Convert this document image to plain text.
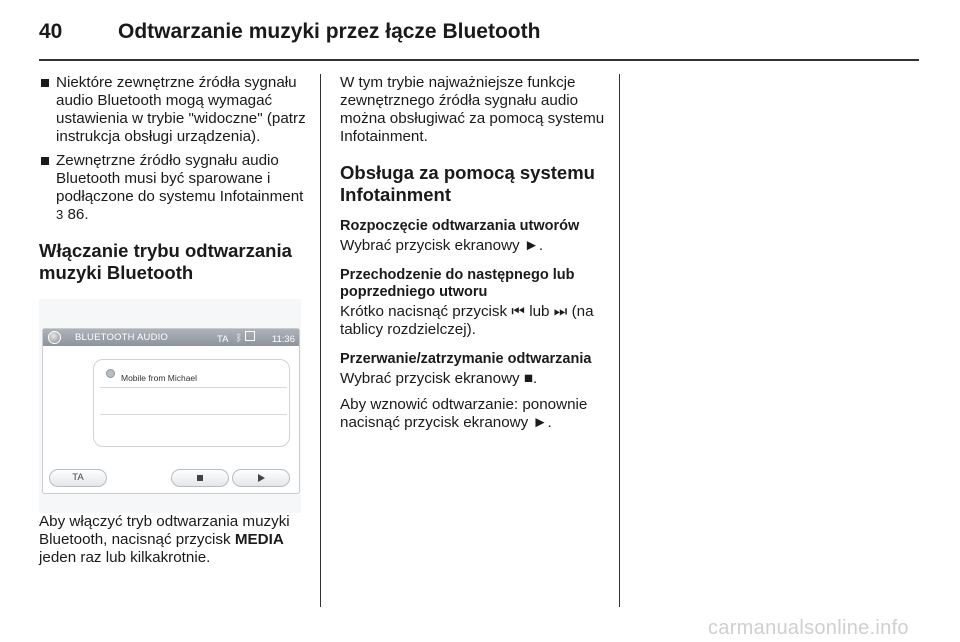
40	Odtwarzanie muzyki przez łącze Bluetooth
Niektóre zewnętrzne źródła sygnału audio Bluetooth mogą wymagać ustawienia w trybie "widoczne" (patrz instrukcja obsługi urządzenia).
Zewnętrzne źródło sygnału audio Bluetooth musi być sparowane i podłączone do systemu Infotainment 3 86.
Włączanie trybu odtwarzania muzyki Bluetooth
BLUETOOTH AUDIO	TA ᛒ	11:36
Mobile from Michael
TA

Aby włączyć tryb odtwarzania muzyki Bluetooth, nacisnąć przycisk MEDIA jeden raz lub kilkakrotnie.

W tym trybie najważniejsze funkcje zewnętrznego źródła sygnału audio można obsługiwać za pomocą systemu Infotainment.

Obsługa za pomocą systemu Infotainment
Rozpoczęcie odtwarzania utworów

Wybrać przycisk ekranowy ►.

Przechodzenie do następnego lub poprzedniego utworu

Krótko nacisnąć przycisk ⏮ lub ⏭ (na tablicy rozdzielczej).

Przerwanie/zatrzymanie odtwarzania

Wybrać przycisk ekranowy ■.

Aby wznowić odtwarzanie: ponownie nacisnąć przycisk ekranowy ►.

carmanualsonline.info
